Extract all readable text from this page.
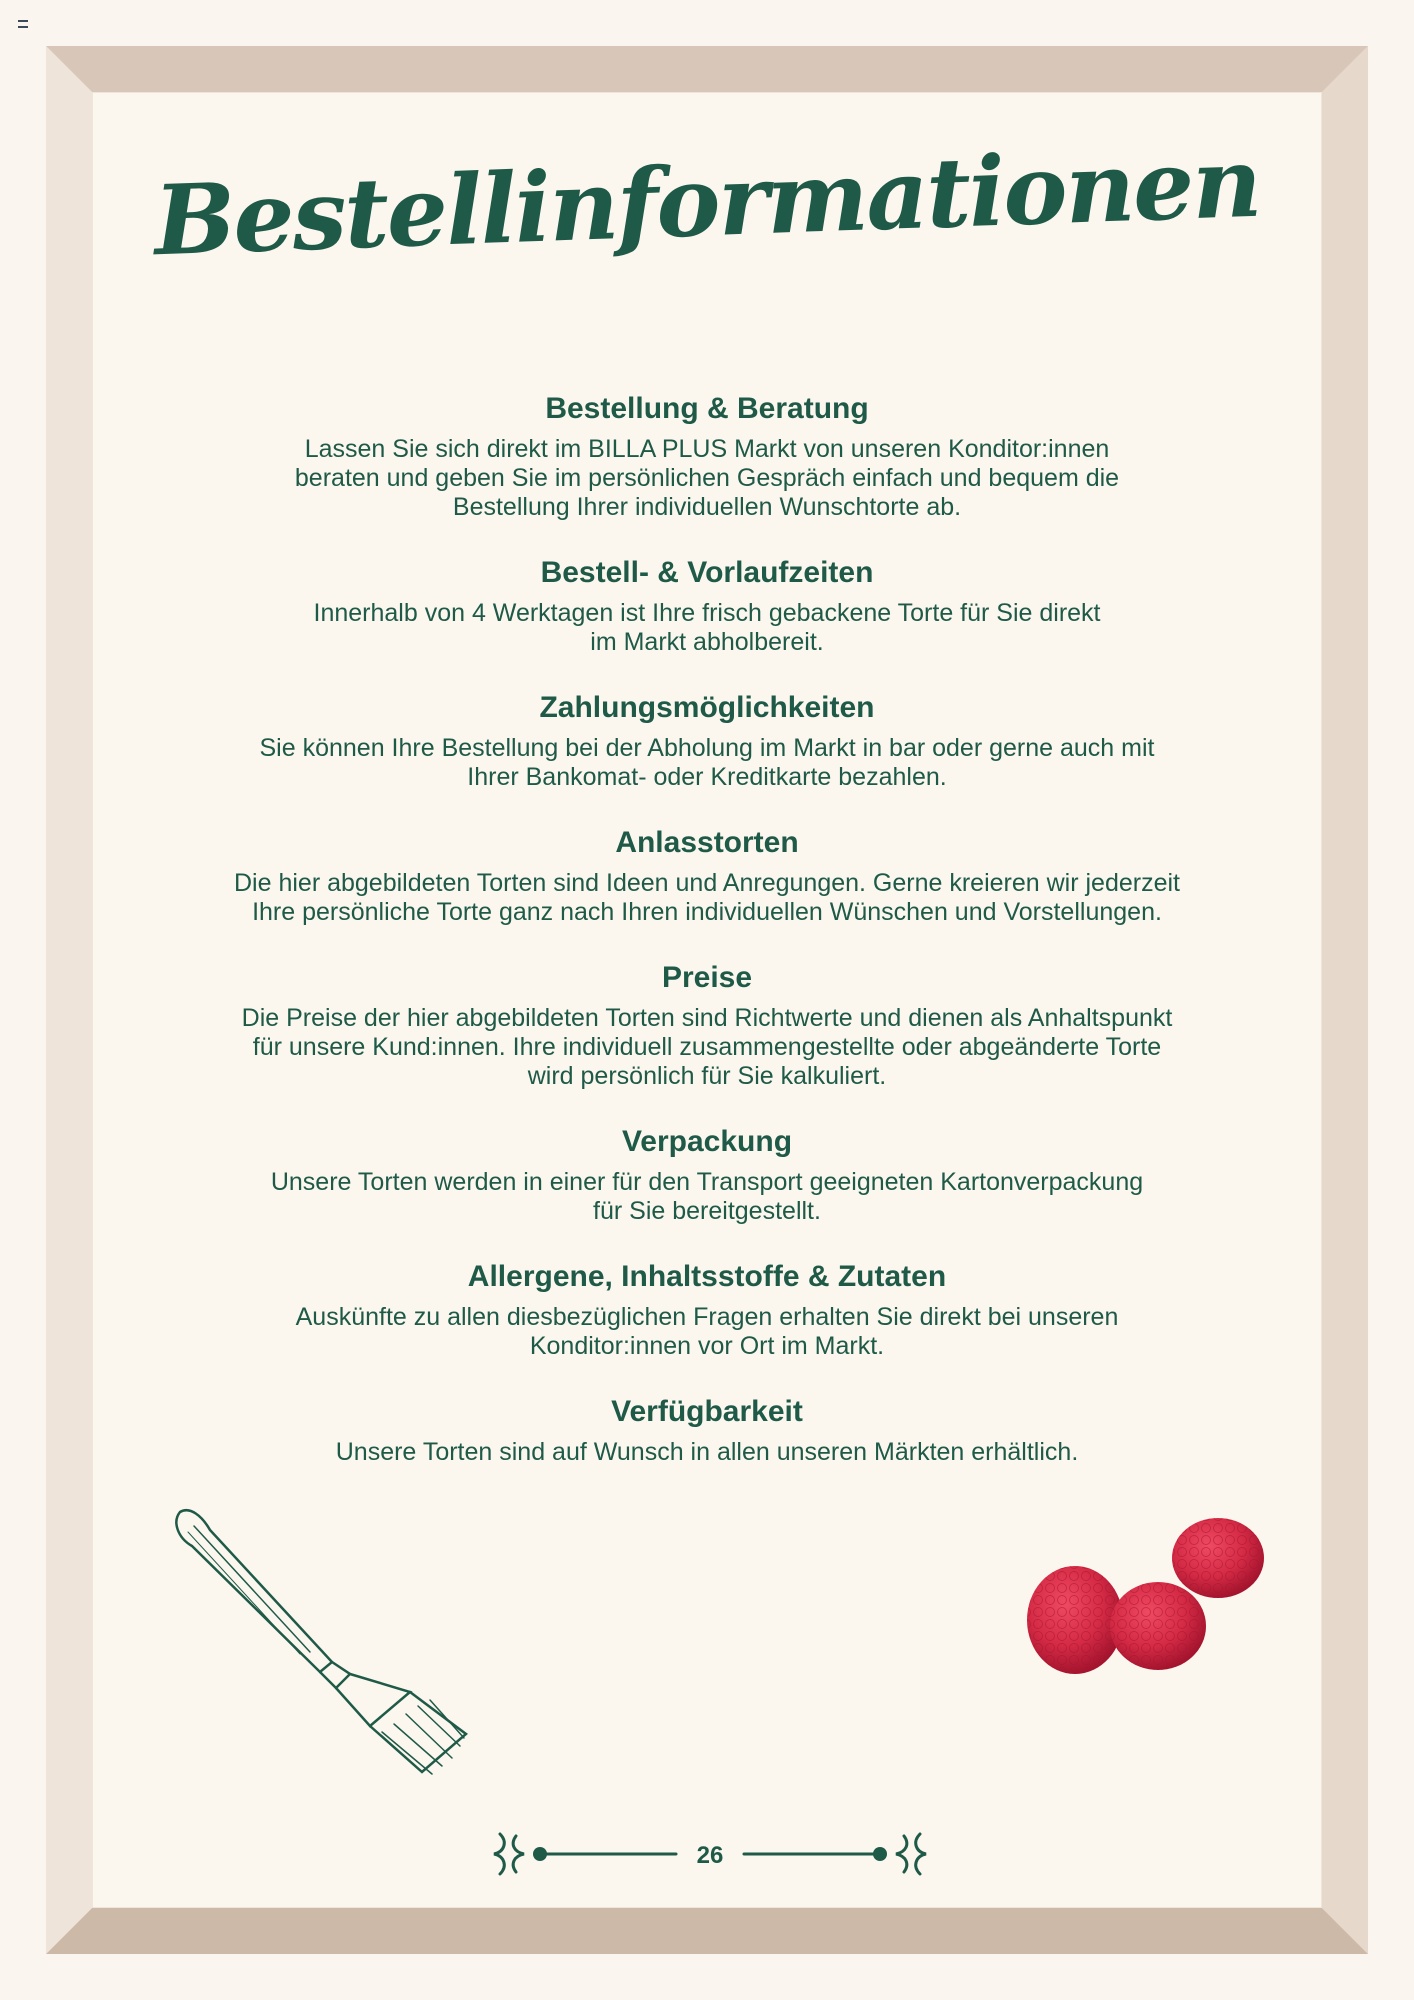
Bestellinformationen
Bestellung & Beratung

Lassen Sie sich direkt im BILLA PLUS Markt von unseren Konditor:innen
beraten und geben Sie im persönlichen Gespräch einfach und bequem die
Bestellung Ihrer individuellen Wunschtorte ab.

Bestell- & Vorlaufzeiten

Innerhalb von 4 Werktagen ist Ihre frisch gebackene Torte für Sie direkt
im Markt abholbereit.

Zahlungsmöglichkeiten

Sie können Ihre Bestellung bei der Abholung im Markt in bar oder gerne auch mit
Ihrer Bankomat- oder Kreditkarte bezahlen.

Anlasstorten

Die hier abgebildeten Torten sind Ideen und Anregungen. Gerne kreieren wir jederzeit
Ihre persönliche Torte ganz nach Ihren individuellen Wünschen und Vorstellungen.

Preise

Die Preise der hier abgebildeten Torten sind Richtwerte und dienen als Anhaltspunkt
für unsere Kund:innen. Ihre individuell zusammengestellte oder abgeänderte Torte
wird persönlich für Sie kalkuliert.

Verpackung

Unsere Torten werden in einer für den Transport geeigneten Kartonverpackung
für Sie bereitgestellt.

Allergene, Inhaltsstoffe & Zutaten

Auskünfte zu allen diesbezüglichen Fragen erhalten Sie direkt bei unseren
Konditor:innen vor Ort im Markt.

Verfügbarkeit

Unsere Torten sind auf Wunsch in allen unseren Märkten erhältlich.

26
